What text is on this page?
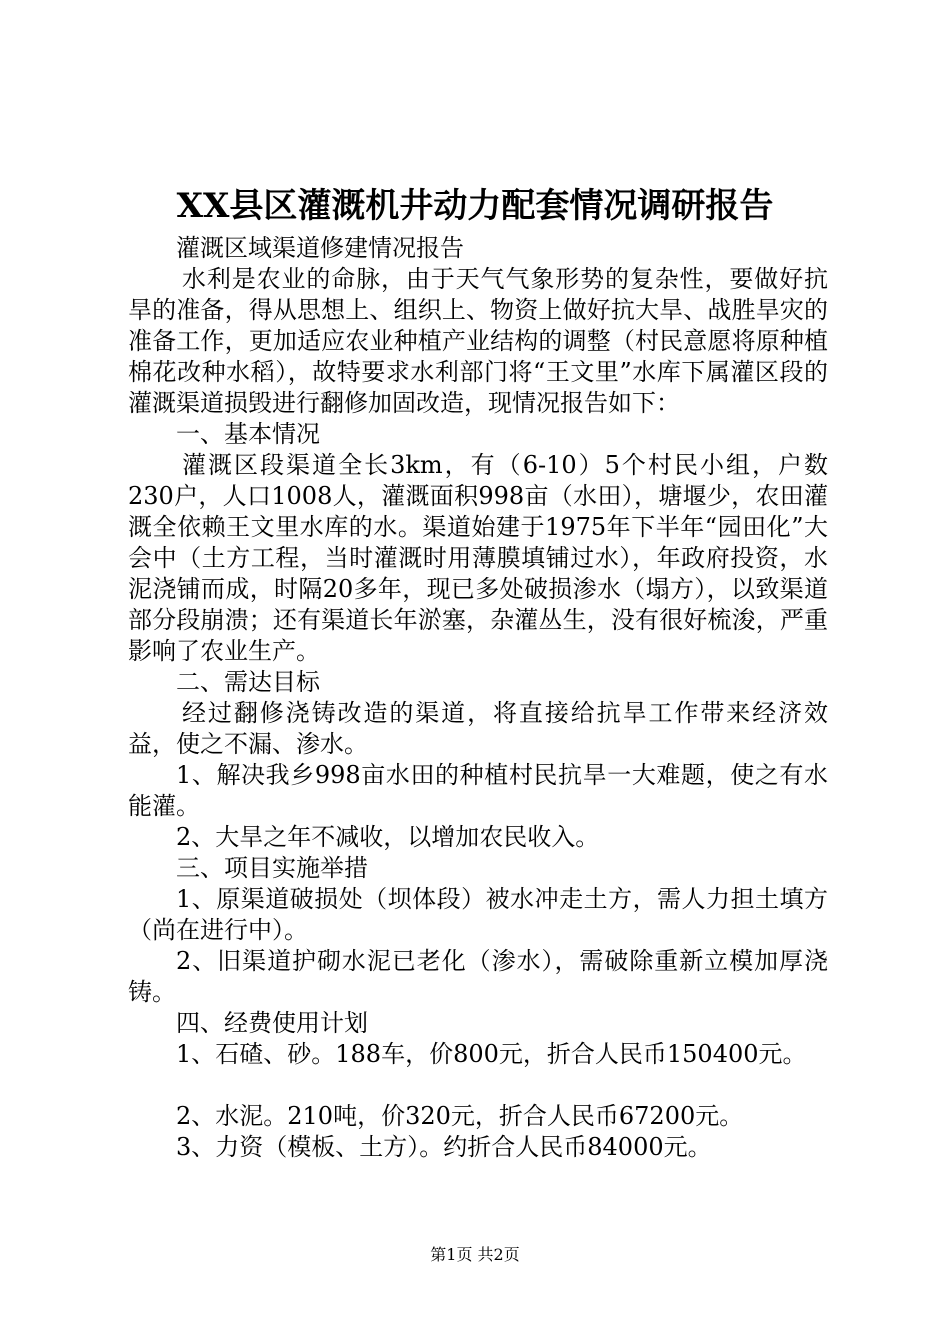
XX县区灌溉机井动力配套情况调研报告

灌溉区域渠道修建情况报告

水利是农业的命脉，由于天气气象形势的复杂性，要做好抗旱的准备，得从思想上、组织上、物资上做好抗大旱、战胜旱灾的准备工作，更加适应农业种植产业结构的调整（村民意愿将原种植棉花改种水稻），故特要求水利部门将“王文里”水库下属灌区段的灌溉渠道损毁进行翻修加固改造，现情况报告如下：

一、基本情况

灌溉区段渠道全长3km，有（6-10）5个村民小组，户数230户，人口1008人，灌溉面积998亩（水田），塘堰少，农田灌溉全依赖王文里水库的水。渠道始建于1975年下半年“园田化”大会中（土方工程，当时灌溉时用薄膜填铺过水），年政府投资，水泥浇铺而成，时隔20多年，现已多处破损渗水（塌方），以致渠道部分段崩溃；还有渠道长年淤塞，杂灌丛生，没有很好梳浚，严重影响了农业生产。

二、需达目标

经过翻修浇铸改造的渠道，将直接给抗旱工作带来经济效益，使之不漏、渗水。

1、解决我乡998亩水田的种植村民抗旱一大难题，使之有水能灌。

2、大旱之年不减收，以增加农民收入。

三、项目实施举措

1、原渠道破损处（坝体段）被水冲走土方，需人力担土填方（尚在进行中）。

2、旧渠道护砌水泥已老化（渗水），需破除重新立模加厚浇铸。

四、经费使用计划

1、石碴、砂。188车，价800元，折合人民币150400元。

2、水泥。210吨，价320元，折合人民币67200元。

3、力资（模板、土方）。约折合人民币84000元。

第1页 共2页
